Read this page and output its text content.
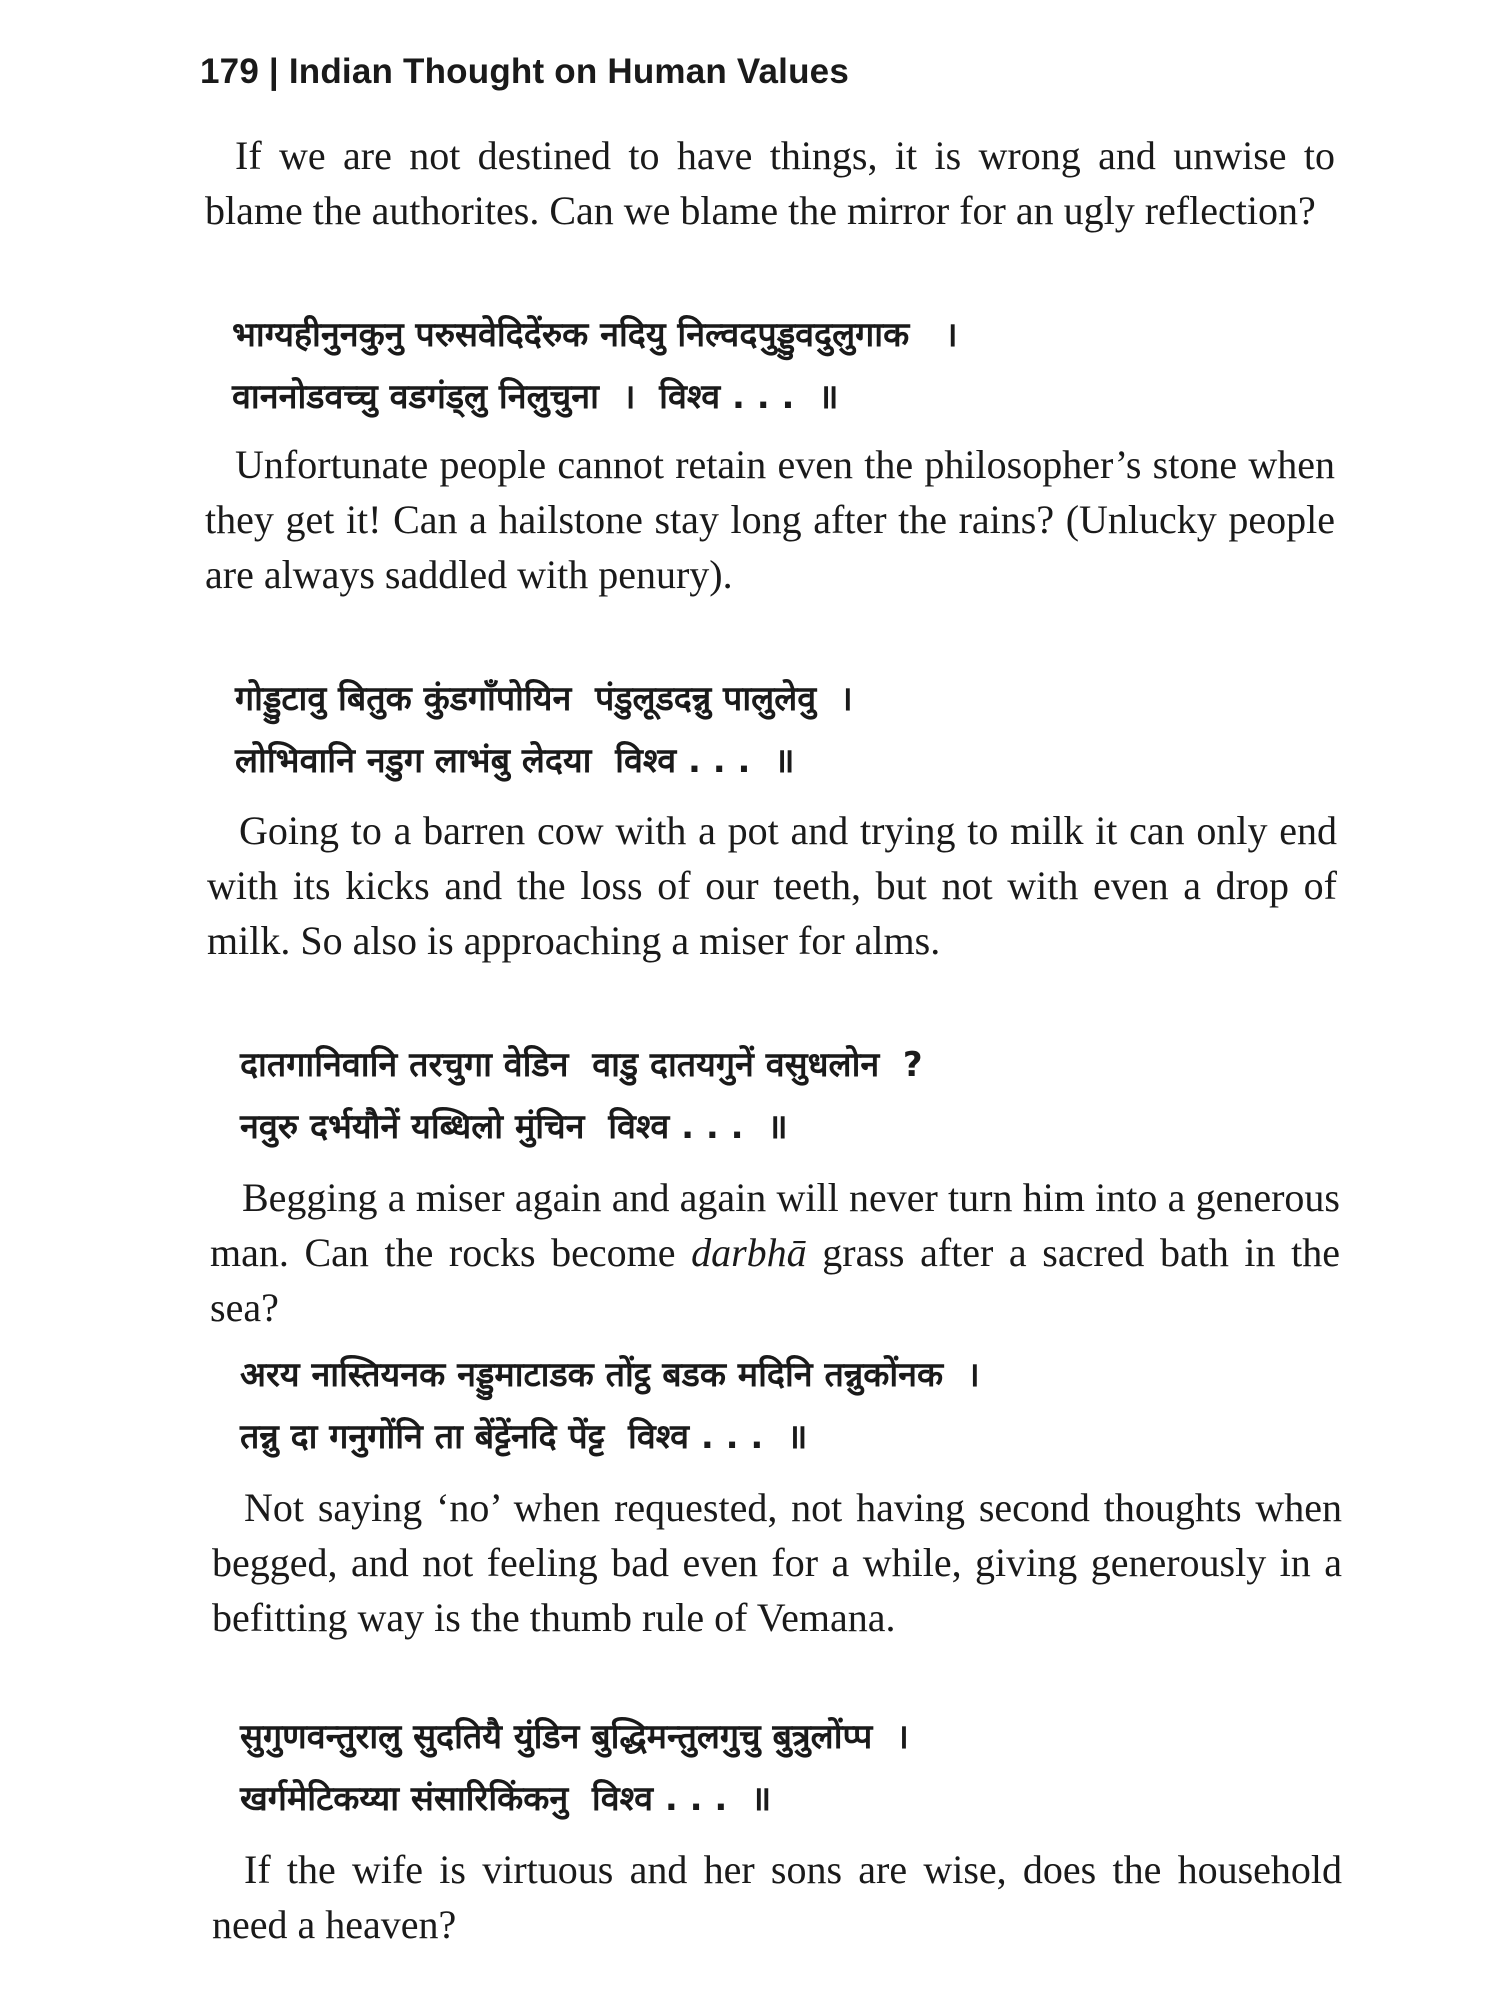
179 | Indian Thought on Human Values

If we are not destined to have things, it is wrong and unwise to blame the authorites. Can we blame the mirror for an ugly reflection?

भाग्यहीनुनकुनु परुसवेदिदेंरुक नदियु निल्वदपुड्डुवदुलुगाक   ।
वाननोडवच्चु वडगंड्लु निलुचुना  ।  विश्व . . .  ॥

Unfortunate people cannot retain even the philosopher’s stone when they get it! Can a hailstone stay long after the rains? (Unlucky people are always saddled with penury).

गोड्डुटावु बितुक कुंडगाँपोयिन  पंडुलूडदन्नु पालुलेवु  ।
लोभिवानि नडुग लाभंबु लेदया  विश्व . . .  ॥

Going to a barren cow with a pot and trying to milk it can only end with its kicks and the loss of our teeth, but not with even a drop of milk. So also is approaching a miser for alms.

दातगानिवानि तरचुगा वेडिन  वाडु दातयगुनें वसुधलोन  ?
नवुरु दर्भयौनें यब्धिलो मुंचिन  विश्व . . .  ॥

Begging a miser again and again will never turn him into a generous man. Can the rocks become darbhā grass after a sacred bath in the sea?

अरय नास्तियनक नड्डुमाटाडक तोंट्ठ बडक मदिनि तन्नुकोंनक  ।
तन्नु दा गनुगोंनि ता बेंट्टेंनदि पेंट्ट  विश्व . . .  ॥

Not saying ‘no’ when requested, not having second thoughts when begged, and not feeling bad even for a while, giving generously in a befitting way is the thumb rule of Vemana.

सुगुणवन्तुरालु सुदतियै युंडिन बुद्धिमन्तुलगुचु बुत्रुलोंप्प  ।
खर्गमेटिकय्या संसारिकिंकनु  विश्व . . .  ॥

If the wife is virtuous and her sons are wise, does the household need a heaven?
